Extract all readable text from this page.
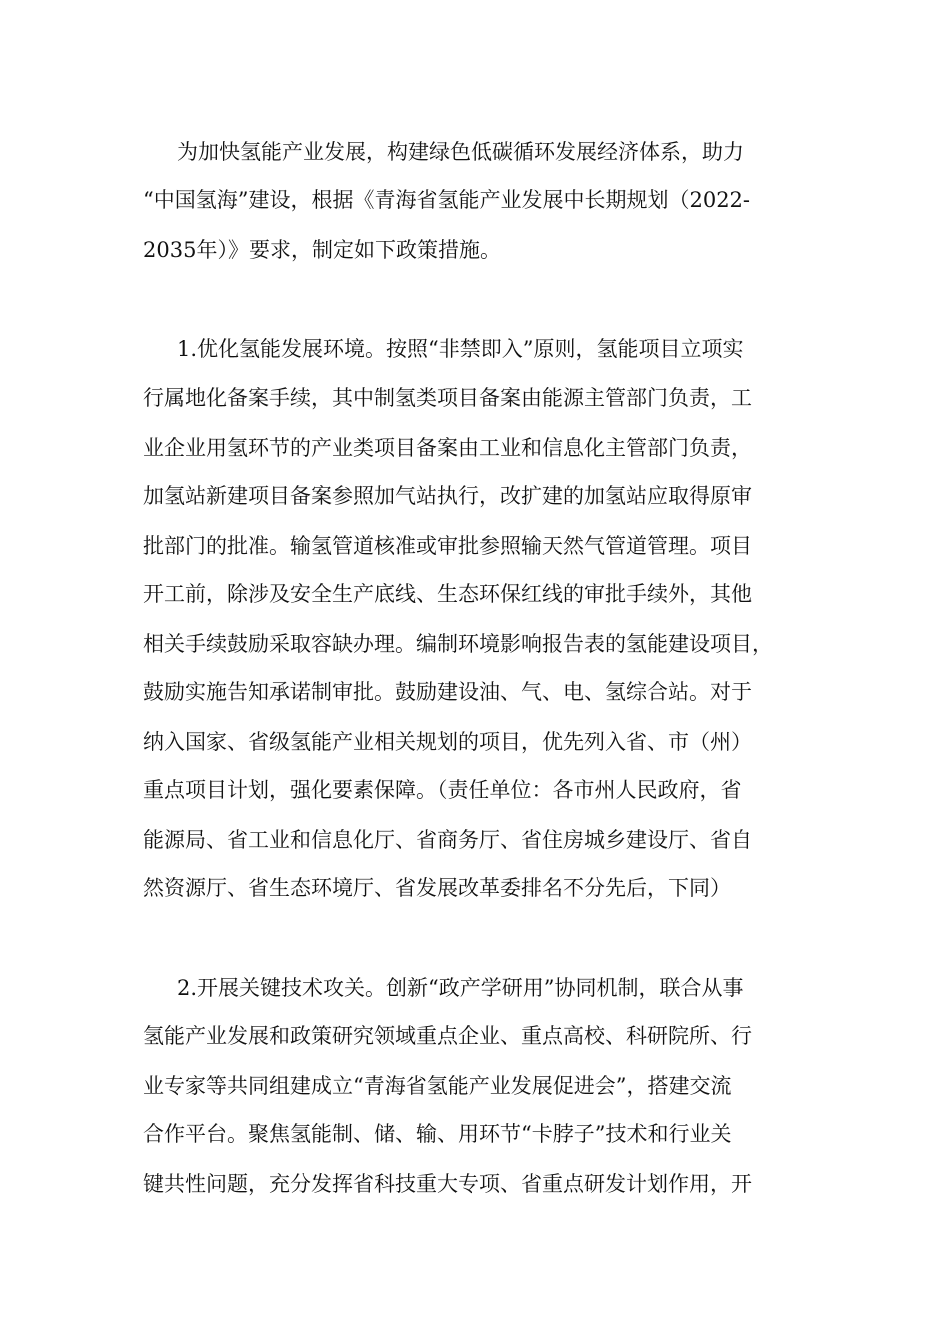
为加快氢能产业发展，构建绿色低碳循环发展经济体系，助力
“中国氢海”建设，根据《青海省氢能产业发展中长期规划（2022-
2035年）》要求，制定如下政策措施。
1.优化氢能发展环境。按照“非禁即入”原则，氢能项目立项实
行属地化备案手续，其中制氢类项目备案由能源主管部门负责，工
业企业用氢环节的产业类项目备案由工业和信息化主管部门负责，
加氢站新建项目备案参照加气站执行，改扩建的加氢站应取得原审
批部门的批准。输氢管道核准或审批参照输天然气管道管理。项目
开工前，除涉及安全生产底线、生态环保红线的审批手续外，其他
相关手续鼓励采取容缺办理。编制环境影响报告表的氢能建设项目，
鼓励实施告知承诺制审批。鼓励建设油、气、电、氢综合站。对于
纳入国家、省级氢能产业相关规划的项目，优先列入省、市（州）
重点项目计划，强化要素保障。（责任单位：各市州人民政府，省
能源局、省工业和信息化厅、省商务厅、省住房城乡建设厅、省自
然资源厅、省生态环境厅、省发展改革委排名不分先后，下同）
2.开展关键技术攻关。创新“政产学研用”协同机制，联合从事
氢能产业发展和政策研究领域重点企业、重点高校、科研院所、行
业专家等共同组建成立“青海省氢能产业发展促进会”，搭建交流
合作平台。聚焦氢能制、储、输、用环节“卡脖子”技术和行业关
键共性问题，充分发挥省科技重大专项、省重点研发计划作用，开
